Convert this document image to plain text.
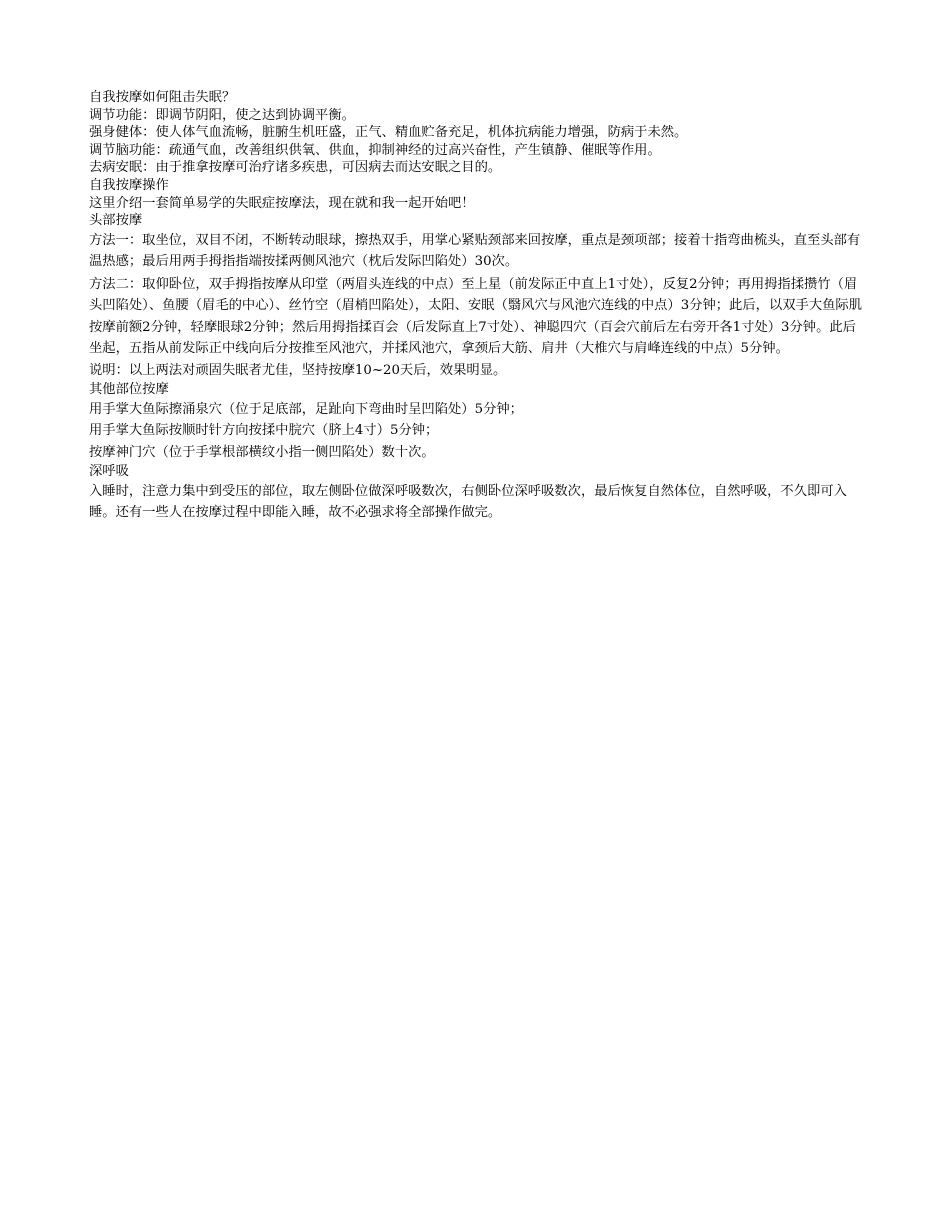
自我按摩如何阻击失眠？

调节功能：即调节阴阳，使之达到协调平衡。

强身健体：使人体气血流畅，脏腑生机旺盛，正气、精血贮备充足，机体抗病能力增强，防病于未然。

调节脑功能：疏通气血，改善组织供氧、供血，抑制神经的过高兴奋性，产生镇静、催眠等作用。

去病安眠：由于推拿按摩可治疗诸多疾患，可因病去而达安眠之目的。

自我按摩操作

这里介绍一套简单易学的失眠症按摩法，现在就和我一起开始吧！

头部按摩

方法一：取坐位，双目不闭，不断转动眼球，擦热双手，用掌心紧贴颈部来回按摩，重点是颈项部；接着十指弯曲梳头，直至头部有温热感；最后用两手拇指指端按揉两侧风池穴（枕后发际凹陷处）30次。

方法二：取仰卧位，双手拇指按摩从印堂（两眉头连线的中点）至上星（前发际正中直上1寸处），反复2分钟；再用拇指揉攒竹（眉头凹陷处）、鱼腰（眉毛的中心）、丝竹空（眉梢凹陷处），太阳、安眠（翳风穴与风池穴连线的中点）3分钟；此后，以双手大鱼际肌按摩前额2分钟，轻摩眼球2分钟；然后用拇指揉百会（后发际直上7寸处）、神聪四穴（百会穴前后左右旁开各1寸处）3分钟。此后坐起，五指从前发际正中线向后分按推至风池穴，并揉风池穴，拿颈后大筋、肩井（大椎穴与肩峰连线的中点）5分钟。

说明：以上两法对顽固失眠者尤佳，坚持按摩10~20天后，效果明显。

其他部位按摩

用手掌大鱼际擦涌泉穴（位于足底部，足趾向下弯曲时呈凹陷处）5分钟；

用手掌大鱼际按顺时针方向按揉中脘穴（脐上4寸）5分钟；

按摩神门穴（位于手掌根部横纹小指一侧凹陷处）数十次。

深呼吸

入睡时，注意力集中到受压的部位，取左侧卧位做深呼吸数次，右侧卧位深呼吸数次，最后恢复自然体位，自然呼吸，不久即可入睡。还有一些人在按摩过程中即能入睡，故不必强求将全部操作做完。
